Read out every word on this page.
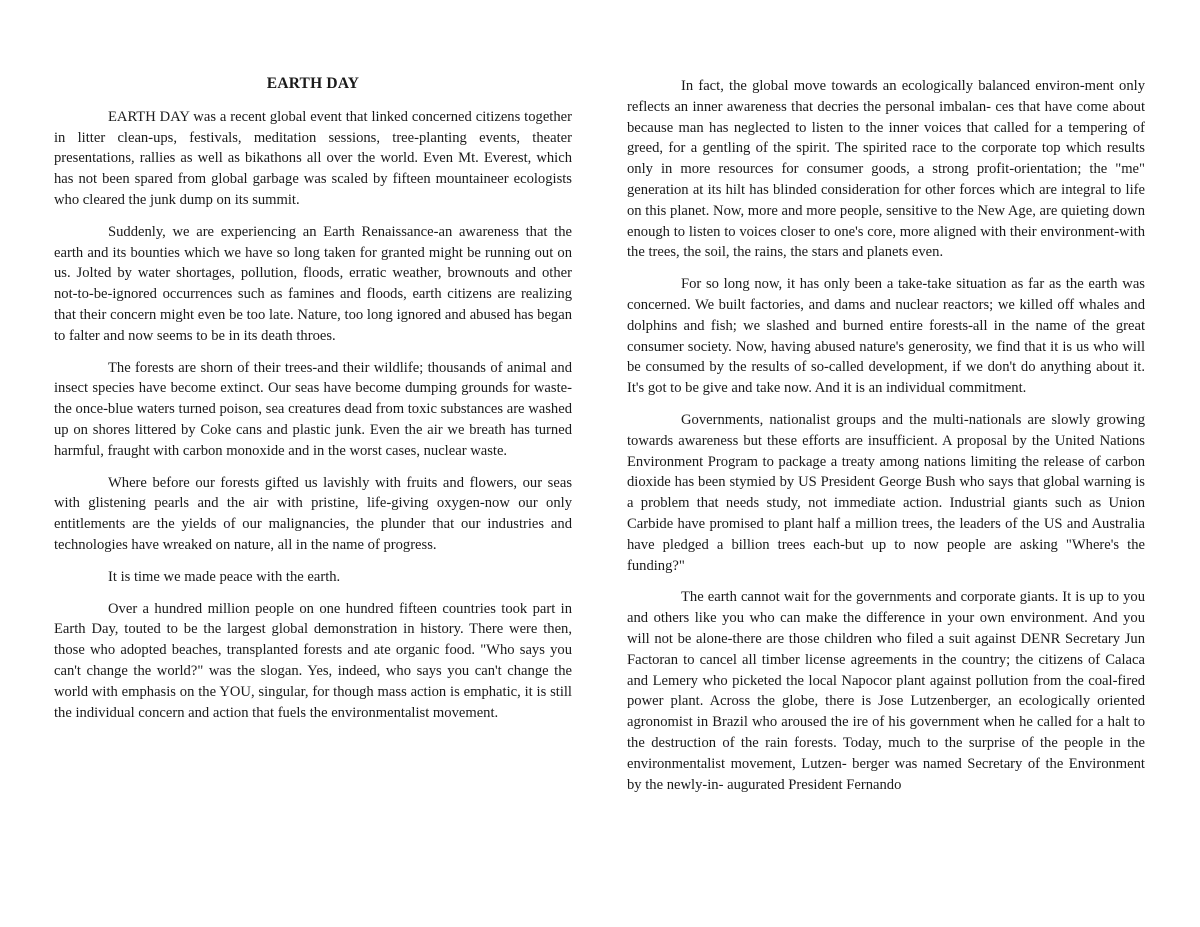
EARTH DAY

EARTH DAY was a recent global event that linked concerned citizens together in litter clean-ups, festivals, meditation sessions, tree-planting events, theater presentations, rallies as well as bikathons all over the world. Even Mt. Everest, which has not been spared from global garbage was scaled by fifteen mountaineer ecologists who cleared the junk dump on its summit.

Suddenly, we are experiencing an Earth Renaissance-an awareness that the earth and its bounties which we have so long taken for granted might be running out on us. Jolted by water shortages, pollution, floods, erratic weather, brownouts and other not-to-be-ignored occurrences such as famines and floods, earth citizens are realizing that their concern might even be too late. Nature, too long ignored and abused has began to falter and now seems to be in its death throes.

The forests are shorn of their trees-and their wildlife; thousands of animal and insect species have become extinct. Our seas have become dumping grounds for waste-the once-blue waters turned poison, sea creatures dead from toxic substances are washed up on shores littered by Coke cans and plastic junk. Even the air we breath has turned harmful, fraught with carbon monoxide and in the worst cases, nuclear waste.

Where before our forests gifted us lavishly with fruits and flowers, our seas with glistening pearls and the air with pristine, life-giving oxygen-now our only entitlements are the yields of our malignancies, the plunder that our industries and technologies have wreaked on nature, all in the name of progress.

It is time we made peace with the earth.

Over a hundred million people on one hundred fifteen countries took part in Earth Day, touted to be the largest global demonstration in history. There were then, those who adopted beaches, transplanted forests and ate organic food. "Who says you can't change the world?" was the slogan. Yes, indeed, who says you can't change the world with emphasis on the YOU, singular, for though mass action is emphatic, it is still the individual concern and action that fuels the environmentalist movement.

In fact, the global move towards an ecologically balanced environ-ment only reflects an inner awareness that decries the personal imbalan- ces that have come about because man has neglected to listen to the inner voices that called for a tempering of greed, for a gentling of the spirit. The spirited race to the corporate top which results only in more resources for consumer goods, a strong profit-orientation; the "me" generation at its hilt has blinded consideration for other forces which are integral to life on this planet. Now, more and more people, sensitive to the New Age, are quieting down enough to listen to voices closer to one's core, more aligned with their environment-with the trees, the soil, the rains, the stars and planets even.

For so long now, it has only been a take-take situation as far as the earth was concerned. We built factories, and dams and nuclear reactors; we killed off whales and dolphins and fish; we slashed and burned entire forests-all in the name of the great consumer society. Now, having abused nature's generosity, we find that it is us who will be consumed by the results of so-called development, if we don't do anything about it. It's got to be give and take now. And it is an individual commitment.

Governments, nationalist groups and the multi-nationals are slowly growing towards awareness but these efforts are insufficient. A proposal by the United Nations Environment Program to package a treaty among nations limiting the release of carbon dioxide has been stymied by US President George Bush who says that global warning is a problem that needs study, not immediate action. Industrial giants such as Union Carbide have promised to plant half a million trees, the leaders of the US and Australia have pledged a billion trees each-but up to now people are asking "Where's the funding?"

The earth cannot wait for the governments and corporate giants. It is up to you and others like you who can make the difference in your own environment. And you will not be alone-there are those children who filed a suit against DENR Secretary Jun Factoran to cancel all timber license agreements in the country; the citizens of Calaca and Lemery who picketed the local Napocor plant against pollution from the coal-fired power plant. Across the globe, there is Jose Lutzenberger, an ecologically oriented agronomist in Brazil who aroused the ire of his government when he called for a halt to the destruction of the rain forests. Today, much to the surprise of the people in the environmentalist movement, Lutzen- berger was named Secretary of the Environment by the newly-in- augurated President Fernando
